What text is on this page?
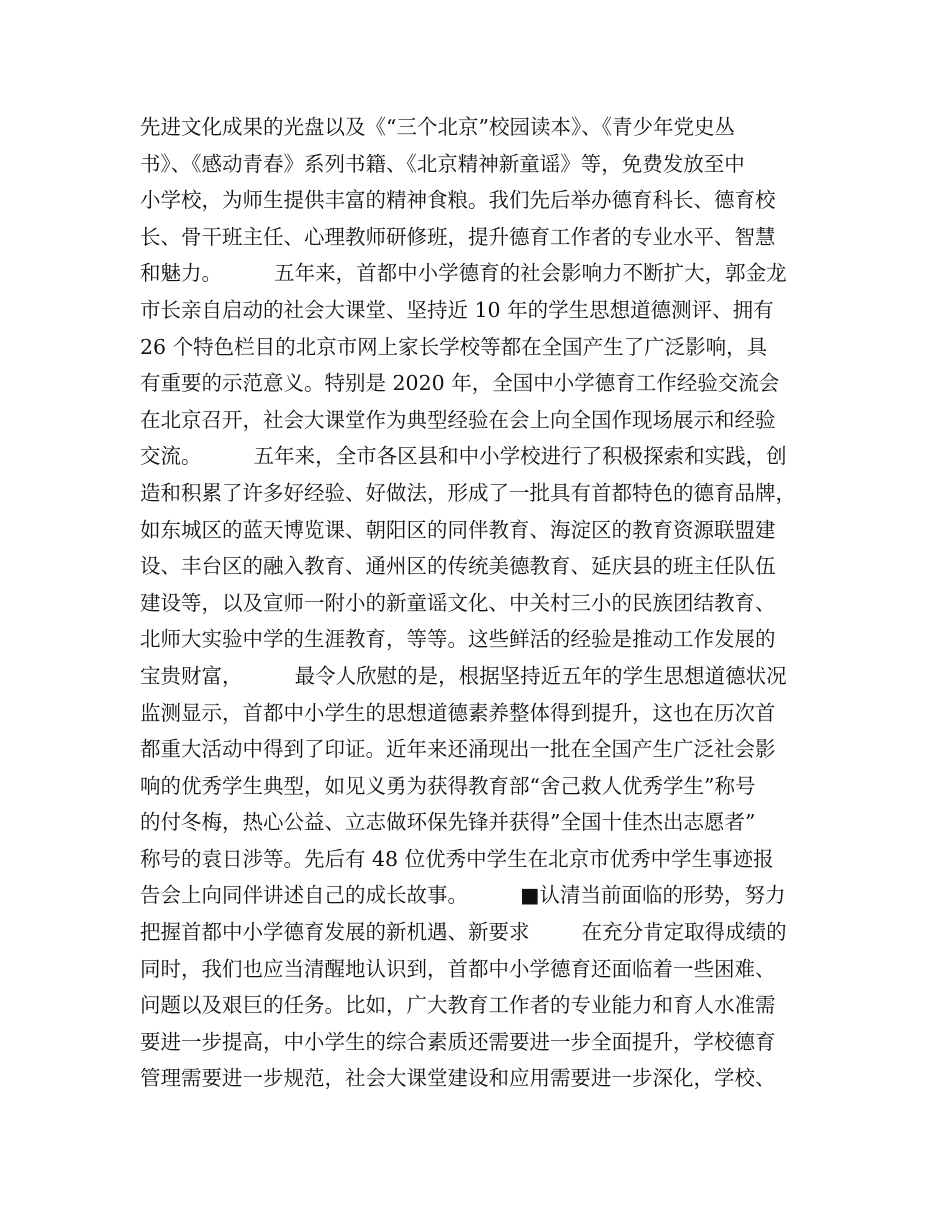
先进文化成果的光盘以及《“三个北京”校园读本》、《青少年党史丛
书》、《感动青春》系列书籍、《北京精神新童谣》等，免费发放至中
小学校，为师生提供丰富的精神食粮。我们先后举办德育科长、德育校
长、骨干班主任、心理教师研修班，提升德育工作者的专业水平、智慧
和魅力。        五年来，首都中小学德育的社会影响力不断扩大，郭金龙
市长亲自启动的社会大课堂、坚持近 10 年的学生思想道德测评、拥有
26 个特色栏目的北京市网上家长学校等都在全国产生了广泛影响，具
有重要的示范意义。特别是 2020 年，全国中小学德育工作经验交流会
在北京召开，社会大课堂作为典型经验在会上向全国作现场展示和经验
交流。        五年来，全市各区县和中小学校进行了积极探索和实践，创
造和积累了许多好经验、好做法，形成了一批具有首都特色的德育品牌，
如东城区的蓝天博览课、朝阳区的同伴教育、海淀区的教育资源联盟建
设、丰台区的融入教育、通州区的传统美德教育、延庆县的班主任队伍
建设等，以及宣师一附小的新童谣文化、中关村三小的民族团结教育、
北师大实验中学的生涯教育，等等。这些鲜活的经验是推动工作发展的
宝贵财富，        最令人欣慰的是，根据坚持近五年的学生思想道德状况
监测显示，首都中小学生的思想道德素养整体得到提升，这也在历次首
都重大活动中得到了印证。近年来还涌现出一批在全国产生广泛社会影
响的优秀学生典型，如见义勇为获得教育部“舍己救人优秀学生”称号
的付冬梅，热心公益、立志做环保先锋并获得”全国十佳杰出志愿者”
称号的袁日涉等。先后有 48 位优秀中学生在北京市优秀中学生事迹报
告会上向同伴讲述自己的成长故事。        ■认清当前面临的形势，努力
把握首都中小学德育发展的新机遇、新要求        在充分肯定取得成绩的
同时，我们也应当清醒地认识到，首都中小学德育还面临着一些困难、
问题以及艰巨的任务。比如，广大教育工作者的专业能力和育人水准需
要进一步提高，中小学生的综合素质还需要进一步全面提升，学校德育
管理需要进一步规范，社会大课堂建设和应用需要进一步深化，学校、
